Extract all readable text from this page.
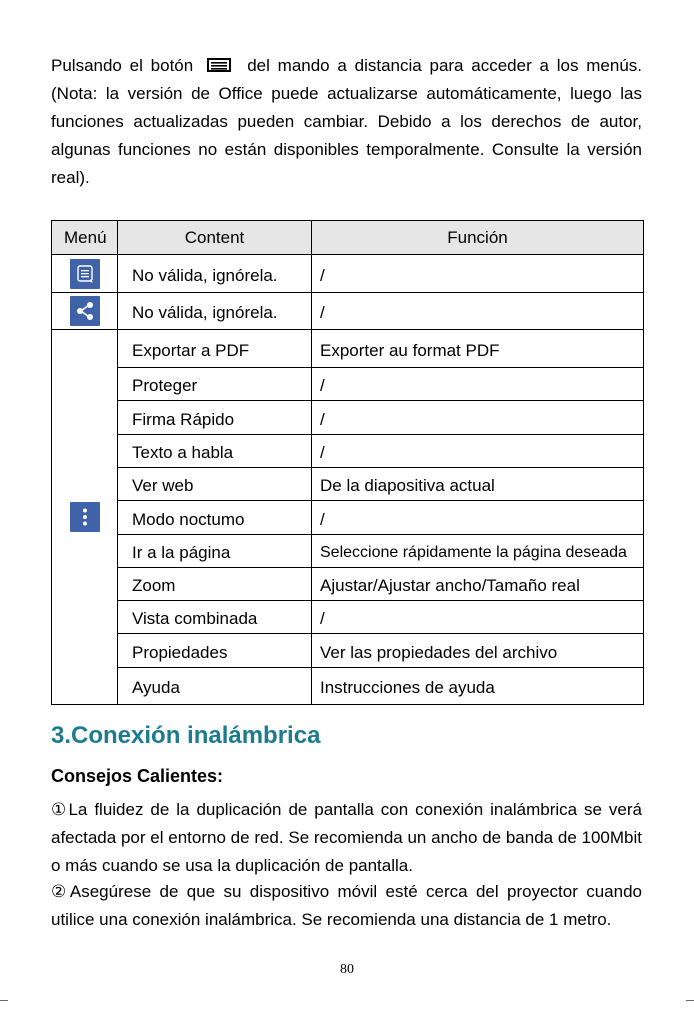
Pulsando el botón	del mando a distancia para acceder a los menús. (Nota: la versión de Office puede actualizarse automáticamente, luego las funciones actualizadas pueden cambiar. Debido a los derechos de autor, algunas funciones no están disponibles temporalmente. Consulte la versión real).

Menú	Content	Función

	No válida, ignórela.	/

	No válida, ignórela.	/

	Exportar a PDF	Exporter au format PDF
	Proteger	/
	Firma Rápido	/
	Texto a habla	/
	Ver web	De la diapositiva actual
	Modo noctumo	/
	Ir a la página	Seleccione rápidamente la página deseada
	Zoom	Ajustar/Ajustar ancho/Tamaño real
	Vista combinada	/
	Propiedades	Ver las propiedades del archivo
	Ayuda	Instrucciones de ayuda
3.Conexión inalámbrica
Consejos Calientes:

①La fluidez de la duplicación de pantalla con conexión inalámbrica se verá afectada por el entorno de red. Se recomienda un ancho de banda de 100Mbit o más cuando se usa la duplicación de pantalla.

②Asegúrese de que su dispositivo móvil esté cerca del proyector cuando utilice una conexión inalámbrica. Se recomienda una distancia de 1 metro.

80
